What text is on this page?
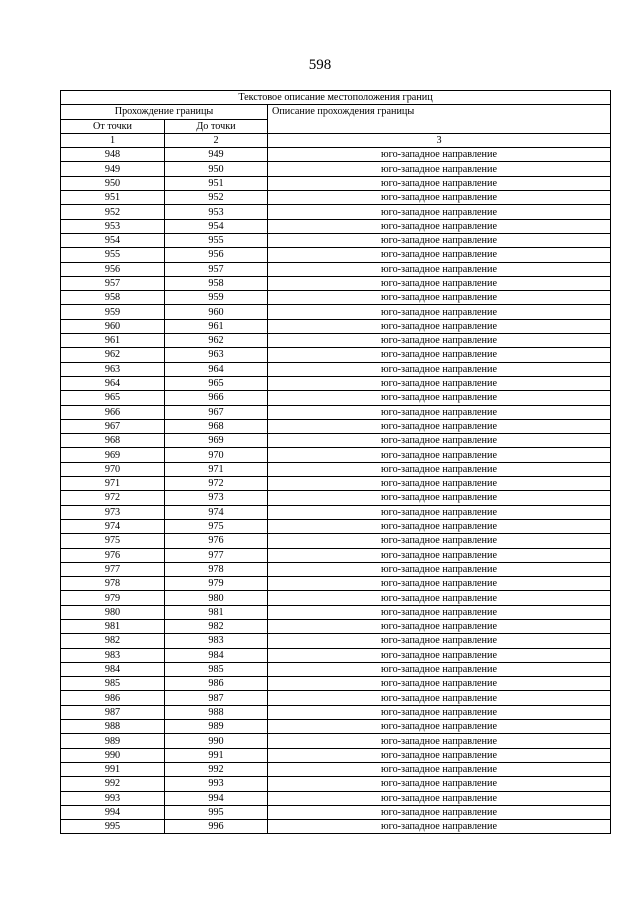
598
Текстовое описание местоположения границ		
Прохождение границы		Описание прохождения границы
От точки	До точки	
1	2	3
948	949	юго-западное направление
949	950	юго-западное направление
950	951	юго-западное направление
951	952	юго-западное направление
952	953	юго-западное направление
953	954	юго-западное направление
954	955	юго-западное направление
955	956	юго-западное направление
956	957	юго-западное направление
957	958	юго-западное направление
958	959	юго-западное направление
959	960	юго-западное направление
960	961	юго-западное направление
961	962	юго-западное направление
962	963	юго-западное направление
963	964	юго-западное направление
964	965	юго-западное направление
965	966	юго-западное направление
966	967	юго-западное направление
967	968	юго-западное направление
968	969	юго-западное направление
969	970	юго-западное направление
970	971	юго-западное направление
971	972	юго-западное направление
972	973	юго-западное направление
973	974	юго-западное направление
974	975	юго-западное направление
975	976	юго-западное направление
976	977	юго-западное направление
977	978	юго-западное направление
978	979	юго-западное направление
979	980	юго-западное направление
980	981	юго-западное направление
981	982	юго-западное направление
982	983	юго-западное направление
983	984	юго-западное направление
984	985	юго-западное направление
985	986	юго-западное направление
986	987	юго-западное направление
987	988	юго-западное направление
988	989	юго-западное направление
989	990	юго-западное направление
990	991	юго-западное направление
991	992	юго-западное направление
992	993	юго-западное направление
993	994	юго-западное направление
994	995	юго-западное направление
995	996	юго-западное направление
